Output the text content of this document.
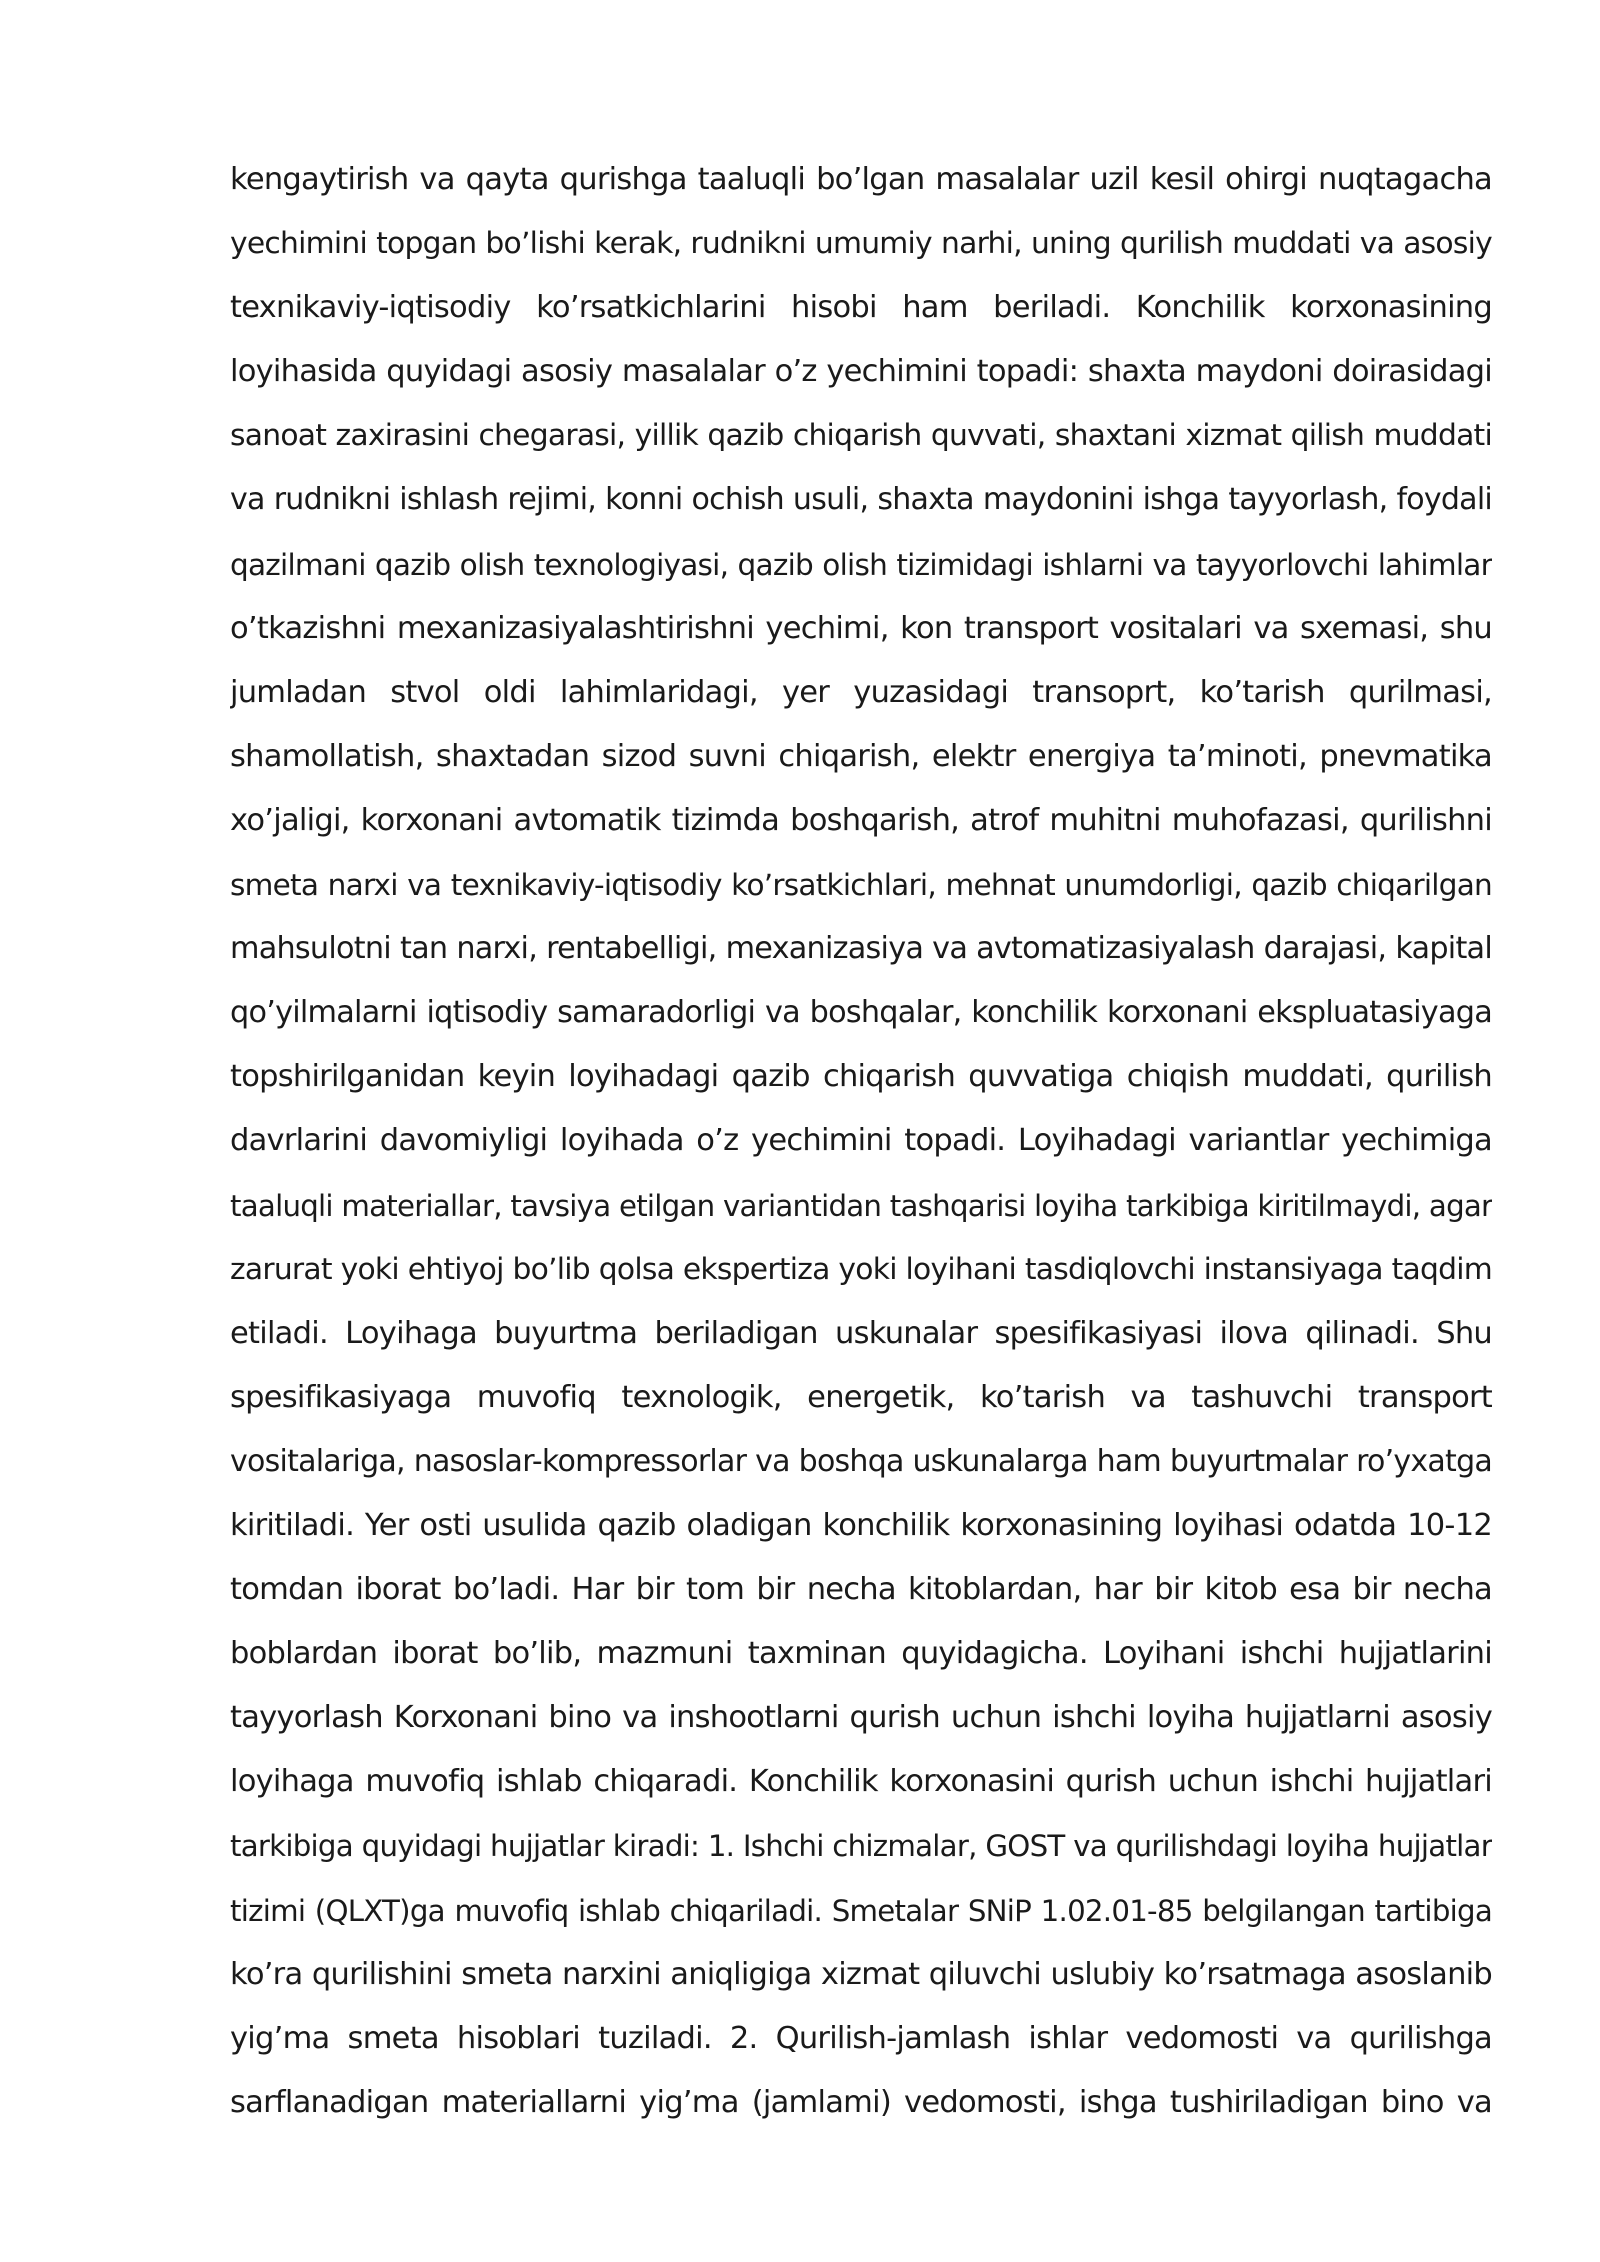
kengaytirish va qayta qurishga taaluqli bo’lgan masalalar uzil kesil ohirgi nuqtagacha
yechimini topgan bo’lishi kerak, rudnikni umumiy narhi, uning qurilish muddati va asosiy
texnikaviy-iqtisodiy ko’rsatkichlarini hisobi ham beriladi. Konchilik korxonasining
loyihasida quyidagi asosiy masalalar o’z yechimini topadi: shaxta maydoni doirasidagi
sanoat zaxirasini chegarasi, yillik qazib chiqarish quvvati, shaxtani xizmat qilish muddati
va rudnikni ishlash rejimi, konni ochish usuli, shaxta maydonini ishga tayyorlash, foydali
qazilmani qazib olish texnologiyasi, qazib olish tizimidagi ishlarni va tayyorlovchi lahimlar
o’tkazishni mexanizasiyalashtirishni yechimi, kon transport vositalari va sxemasi, shu
jumladan stvol oldi lahimlaridagi, yer yuzasidagi transoprt, ko’tarish qurilmasi,
shamollatish, shaxtadan sizod suvni chiqarish, elektr energiya ta’minoti, pnevmatika
xo’jaligi, korxonani avtomatik tizimda boshqarish, atrof muhitni muhofazasi, qurilishni
smeta narxi va texnikaviy-iqtisodiy ko’rsatkichlari, mehnat unumdorligi, qazib chiqarilgan
mahsulotni tan narxi, rentabelligi, mexanizasiya va avtomatizasiyalash darajasi, kapital
qo’yilmalarni iqtisodiy samaradorligi va boshqalar, konchilik korxonani ekspluatasiyaga
topshirilganidan keyin loyihadagi qazib chiqarish quvvatiga chiqish muddati, qurilish
davrlarini davomiyligi loyihada o’z yechimini topadi. Loyihadagi variantlar yechimiga
taaluqli materiallar, tavsiya etilgan variantidan tashqarisi loyiha tarkibiga kiritilmaydi, agar
zarurat yoki ehtiyoj bo’lib qolsa ekspertiza yoki loyihani tasdiqlovchi instansiyaga taqdim
etiladi. Loyihaga buyurtma beriladigan uskunalar spesifikasiyasi ilova qilinadi. Shu
spesifikasiyaga muvofiq texnologik, energetik, ko’tarish va tashuvchi transport
vositalariga, nasoslar-kompressorlar va boshqa uskunalarga ham buyurtmalar ro’yxatga
kiritiladi. Yer osti usulida qazib oladigan konchilik korxonasining loyihasi odatda 10-12
tomdan iborat bo’ladi. Har bir tom bir necha kitoblardan, har bir kitob esa bir necha
boblardan iborat bo’lib, mazmuni taxminan quyidagicha. Loyihani ishchi hujjatlarini
tayyorlash Korxonani bino va inshootlarni qurish uchun ishchi loyiha hujjatlarni asosiy
loyihaga muvofiq ishlab chiqaradi. Konchilik korxonasini qurish uchun ishchi hujjatlari
tarkibiga quyidagi hujjatlar kiradi: 1. Ishchi chizmalar, GOST va qurilishdagi loyiha hujjatlar
tizimi (QLXT)ga muvofiq ishlab chiqariladi. Smetalar SNiP 1.02.01-85 belgilangan tartibiga
ko’ra qurilishini smeta narxini aniqligiga xizmat qiluvchi uslubiy ko’rsatmaga asoslanib
yig’ma smeta hisoblari tuziladi. 2. Qurilish-jamlash ishlar vedomosti va qurilishga
sarflanadigan materiallarni yig’ma (jamlami) vedomosti, ishga tushiriladigan bino va
